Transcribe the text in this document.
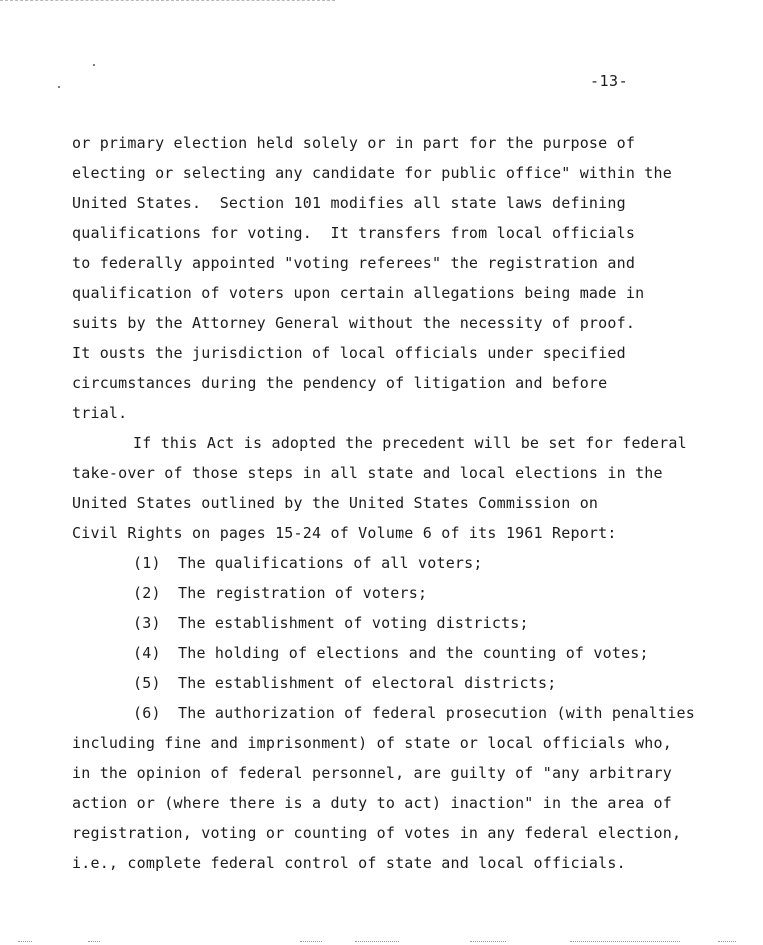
-13-
or primary election held solely or in part for the purpose of
electing or selecting any candidate for public office" within the
United States.  Section 101 modifies all state laws defining
qualifications for voting.  It transfers from local officials
to federally appointed "voting referees" the registration and
qualification of voters upon certain allegations being made in
suits by the Attorney General without the necessity of proof.
It ousts the jurisdiction of local officials under specified
circumstances during the pendency of litigation and before
trial.
If this Act is adopted the precedent will be set for federal
take-over of those steps in all state and local elections in the
United States outlined by the United States Commission on
Civil Rights on pages 15-24 of Volume 6 of its 1961 Report:
(1) The qualifications of all voters;
(2) The registration of voters;
(3) The establishment of voting districts;
(4) The holding of elections and the counting of votes;
(5) The establishment of electoral districts;
(6) The authorization of federal prosecution (with penalties
including fine and imprisonment) of state or local officials who,
in the opinion of federal personnel, are guilty of "any arbitrary
action or (where there is a duty to act) inaction" in the area of
registration, voting or counting of votes in any federal election,
i.e., complete federal control of state and local officials.
